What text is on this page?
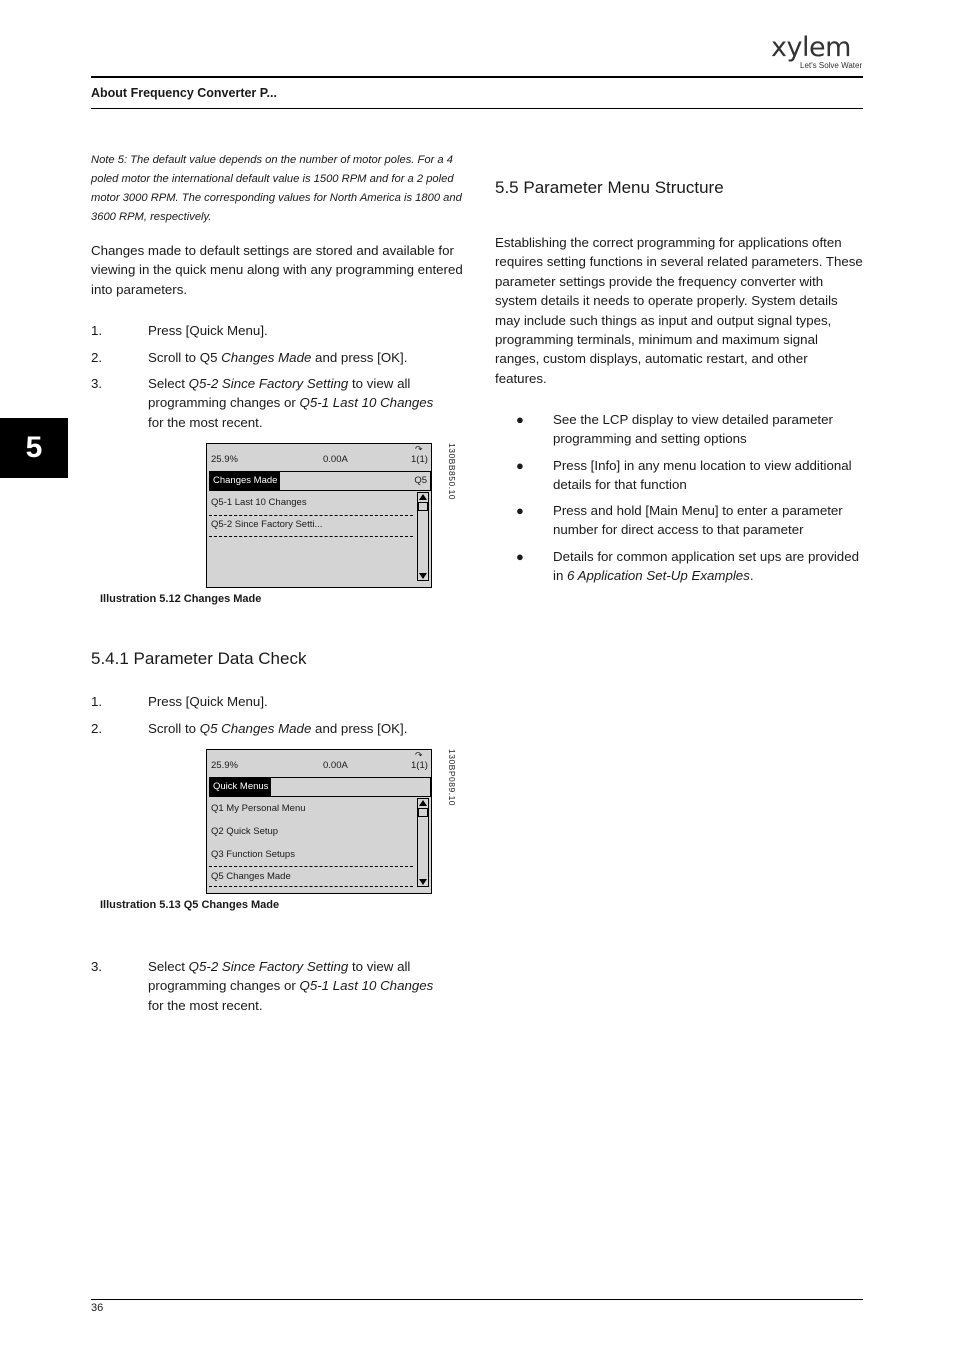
xylem
Let's Solve Water
About Frequency Converter P...
5
Note 5: The default value depends on the number of motor poles. For a 4 poled motor the international default value is 1500 RPM and for a 2 poled motor 3000 RPM. The corresponding values for North America is 1800 and 3600 RPM, respectively.
Changes made to default settings are stored and available for viewing in the quick menu along with any programming entered into parameters.
1.	Press [Quick Menu].
2.	Scroll to Q5 Changes Made and press [OK].
3.	Select Q5-2 Since Factory Setting to view all programming changes or Q5-1 Last 10 Changes for the most recent.
25.9%	0.00A	1(1)
↷
Changes Made	Q5
Q5-1 Last 10 Changes
Q5-2 Since Factory Setti...
130BB850.10
Illustration 5.12 Changes Made
5.4.1 Parameter Data Check
1.	Press [Quick Menu].
2.	Scroll to Q5 Changes Made and press [OK].
25.9%	0.00A	1(1)
↷
Quick Menus
Q1 My Personal Menu
Q2 Quick Setup
Q3 Function Setups
Q5 Changes Made
130BP089.10
Illustration 5.13 Q5 Changes Made
3.	Select Q5-2 Since Factory Setting to view all programming changes or Q5-1 Last 10 Changes for the most recent.
5.5 Parameter Menu Structure
Establishing the correct programming for applications often requires setting functions in several related parameters. These parameter settings provide the frequency converter with system details it needs to operate properly. System details may include such things as input and output signal types, programming terminals, minimum and maximum signal ranges, custom displays, automatic restart, and other features.
● See the LCP display to view detailed parameter programming and setting options
● Press [Info] in any menu location to view additional details for that function
● Press and hold [Main Menu] to enter a parameter number for direct access to that parameter
● Details for common application set ups are provided in 6 Application Set-Up Examples.
36
